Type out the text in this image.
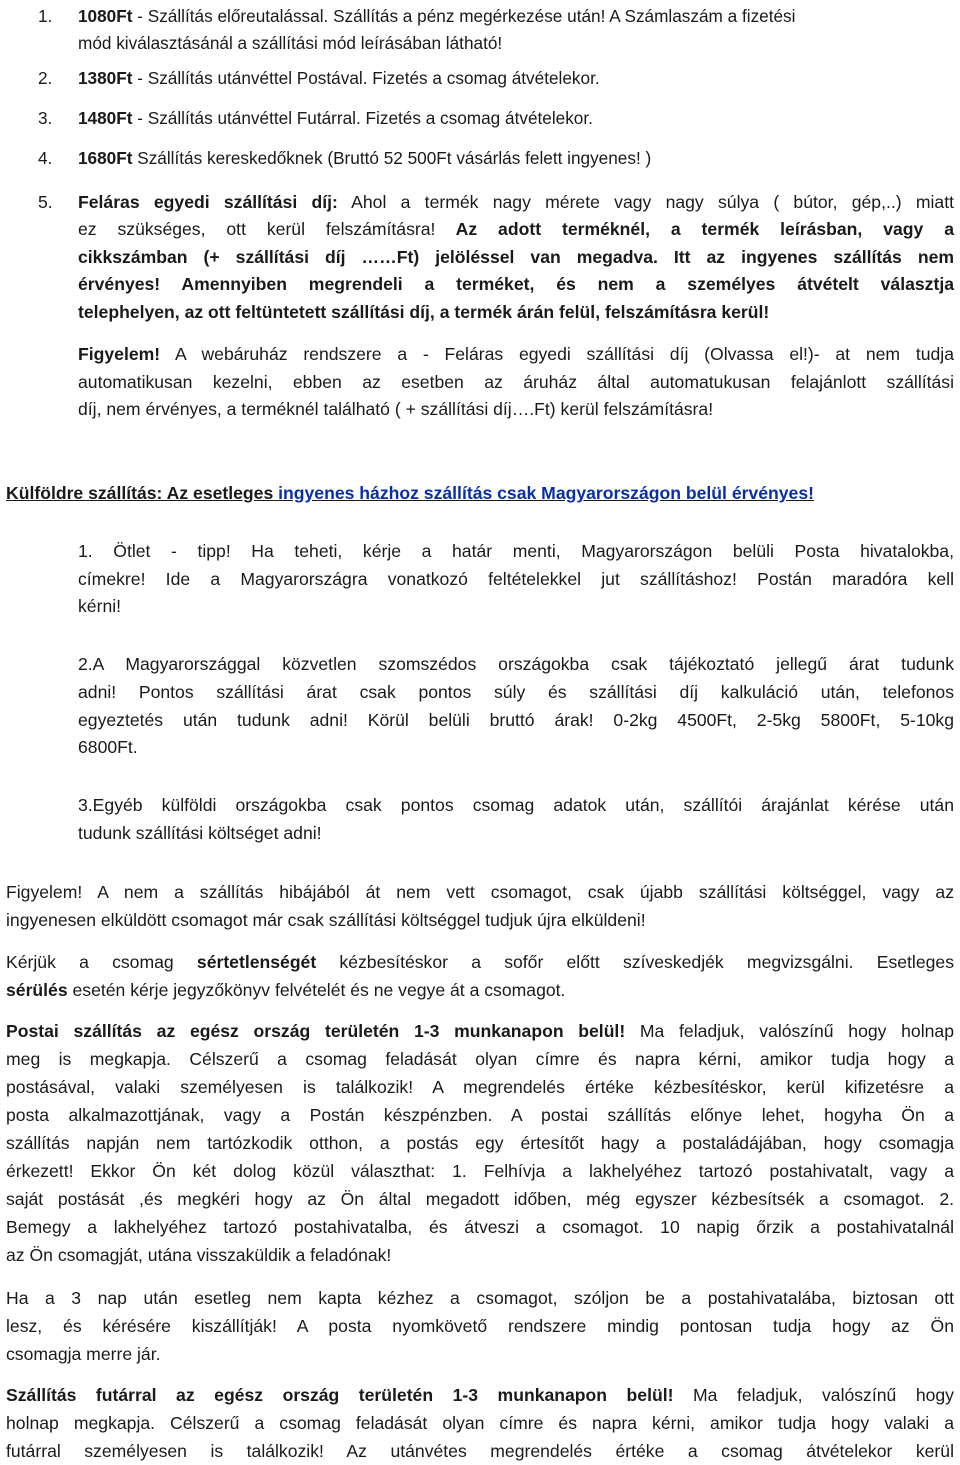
1. 1080Ft - Szállítás előreutalással. Szállítás a pénz megérkezése után! A Számlaszám a fizetési
mód kiválasztásánál a szállítási mód leírásában látható!
2. 1380Ft - Szállítás utánvéttel Postával. Fizetés a csomag átvételekor.
3. 1480Ft - Szállítás utánvéttel Futárral. Fizetés a csomag átvételekor.
4. 1680Ft Szállítás kereskedőknek (Bruttó 52 500Ft vásárlás felett ingyenes! )
5. Feláras egyedi szállítási díj: Ahol a termék nagy mérete vagy nagy súlya ( bútor, gép,..) miatt
ez szükséges, ott kerül felszámításra! Az adott terméknél, a termék leírásban, vagy a
cikkszámban (+ szállítási díj ……Ft) jelöléssel van megadva. Itt az ingyenes szállítás nem
érvényes! Amennyiben megrendeli a terméket, és nem a személyes átvételt választja
telephelyen, az ott feltüntetett szállítási díj, a termék árán felül, felszámításra kerül!
Figyelem! A webáruház rendszere a - Feláras egyedi szállítási díj (Olvassa el!)- at nem tudja
automatikusan kezelni, ebben az esetben az áruház által automatukusan felajánlott szállítási
díj, nem érvényes, a terméknél található ( + szállítási díj….Ft) kerül felszámításra!
Külföldre szállítás: Az esetleges ingyenes házhoz szállítás csak Magyarországon belül érvényes!
1. Ötlet - tipp! Ha teheti, kérje a határ menti, Magyarországon belüli Posta hivatalokba,
címekre! Ide a Magyarországra vonatkozó feltételekkel jut szállításhoz! Postán maradóra kell
kérni!
2.A Magyarországgal közvetlen szomszédos országokba csak tájékoztató jellegű árat tudunk
adni! Pontos szállítási árat csak pontos súly és szállítási díj kalkuláció után, telefonos
egyeztetés után tudunk adni! Körül belüli bruttó árak! 0-2kg 4500Ft, 2-5kg 5800Ft, 5-10kg
6800Ft.
3.Egyéb külföldi országokba csak pontos csomag adatok után, szállítói árajánlat kérése után
tudunk szállítási költséget adni!
Figyelem! A nem a szállítás hibájából át nem vett csomagot, csak újabb szállítási költséggel, vagy az
ingyenesen elküldött csomagot már csak szállítási költséggel tudjuk újra elküldeni!
Kérjük a csomag sértetlenségét kézbesítéskor a sofőr előtt szíveskedjék megvizsgálni. Esetleges
sérülés esetén kérje jegyzőkönyv felvételét és ne vegye át a csomagot.
Postai szállítás az egész ország területén 1-3 munkanapon belül! Ma feladjuk, valószínű hogy holnap
meg is megkapja. Célszerű a csomag feladását olyan címre és napra kérni, amikor tudja hogy a
postásával, valaki személyesen is találkozik! A megrendelés értéke kézbesítéskor, kerül kifizetésre a
posta alkalmazottjának, vagy a Postán készpénzben. A postai szállítás előnye lehet, hogyha Ön a
szállítás napján nem tartózkodik otthon, a postás egy értesítőt hagy a postaládájában, hogy csomagja
érkezett! Ekkor Ön két dolog közül választhat: 1. Felhívja a lakhelyéhez tartozó postahivatalt, vagy a
saját postását ,és megkéri hogy az Ön által megadott időben, még egyszer kézbesítsék a csomagot. 2.
Bemegy a lakhelyéhez tartozó postahivatalba, és átveszi a csomagot. 10 napig őrzik a postahivatalnál
az Ön csomagját, utána visszaküldik a feladónak!
Ha a 3 nap után esetleg nem kapta kézhez a csomagot, szóljon be a postahivatalába, biztosan ott
lesz, és kérésére kiszállítják! A posta nyomkövető rendszere mindig pontosan tudja hogy az Ön
csomagja merre jár.
Szállítás futárral az egész ország területén 1-3 munkanapon belül! Ma feladjuk, valószínű hogy
holnap megkapja. Célszerű a csomag feladását olyan címre és napra kérni, amikor tudja hogy valaki a
futárral személyesen is találkozik! Az utánvétes megrendelés értéke a csomag átvételekor kerül
